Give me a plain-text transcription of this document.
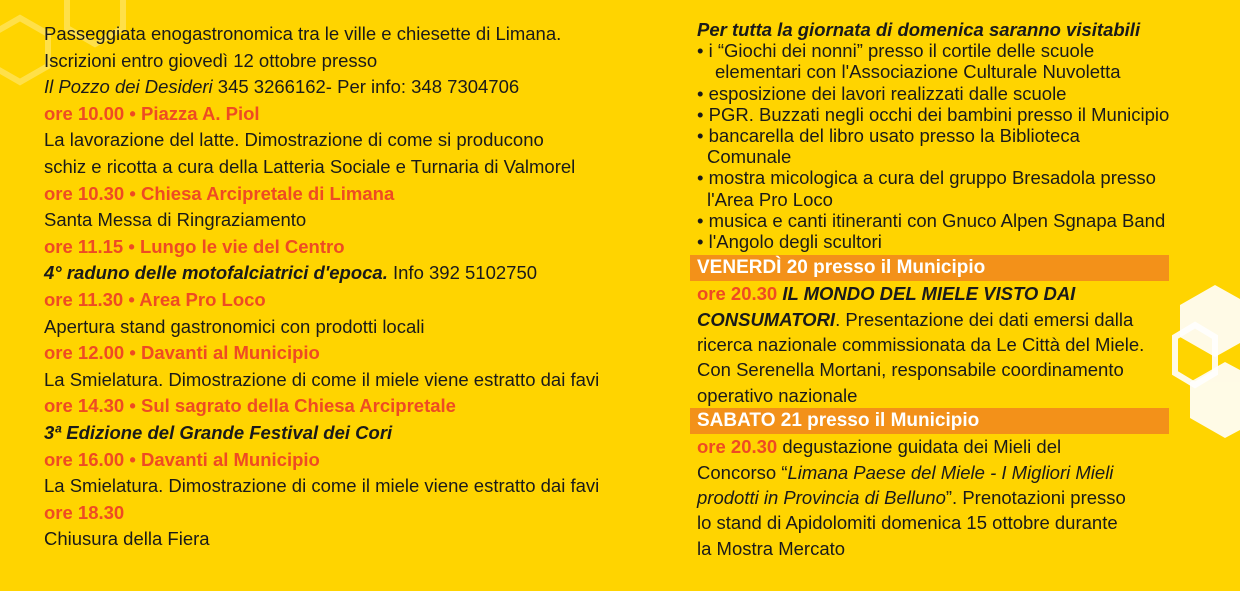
Passeggiata enogastronomica tra le ville e chiesette di Limana.
Iscrizioni entro giovedì 12 ottobre presso
Il Pozzo dei Desideri 345 3266162- Per info: 348 7304706
ore 10.00 • Piazza A. Piol
La lavorazione del latte. Dimostrazione di come si producono
schiz e ricotta a cura della Latteria Sociale e Turnaria di Valmorel
ore 10.30 • Chiesa Arcipretale di Limana
Santa Messa di Ringraziamento
ore 11.15 • Lungo le vie del Centro
4° raduno delle motofalciatrici d'epoca. Info 392 5102750
ore 11.30 • Area Pro Loco
Apertura stand gastronomici con prodotti locali
ore 12.00 • Davanti al Municipio
La Smielatura. Dimostrazione di come il miele viene estratto dai favi
ore 14.30 • Sul sagrato della Chiesa Arcipretale
3ª Edizione del Grande Festival dei Cori
ore 16.00 • Davanti al Municipio
La Smielatura. Dimostrazione di come il miele viene estratto dai favi
ore 18.30
Chiusura della Fiera
Per tutta la giornata di domenica saranno visitabili
• i “Giochi dei nonni” presso il cortile delle scuole
elementari con l'Associazione Culturale Nuvoletta
• esposizione dei lavori realizzati dalle scuole
• PGR. Buzzati negli occhi dei bambini presso il Municipio
• bancarella del libro usato presso la Biblioteca
Comunale
• mostra micologica a cura del gruppo Bresadola presso
l'Area Pro Loco
• musica e canti itineranti con Gnuco Alpen Sgnapa Band
• l'Angolo degli scultori
VENERDÌ 20 presso il Municipio
ore 20.30 IL MONDO DEL MIELE VISTO DAI
CONSUMATORI. Presentazione dei dati emersi dalla
ricerca nazionale commissionata da Le Città del Miele.
Con Serenella Mortani, responsabile coordinamento
operativo nazionale
SABATO 21 presso il Municipio
ore 20.30 degustazione guidata dei Mieli del
Concorso “Limana Paese del Miele - I Migliori Mieli
prodotti in Provincia di Belluno”. Prenotazioni presso
lo stand di Apidolomiti domenica 15 ottobre durante
la Mostra Mercato
